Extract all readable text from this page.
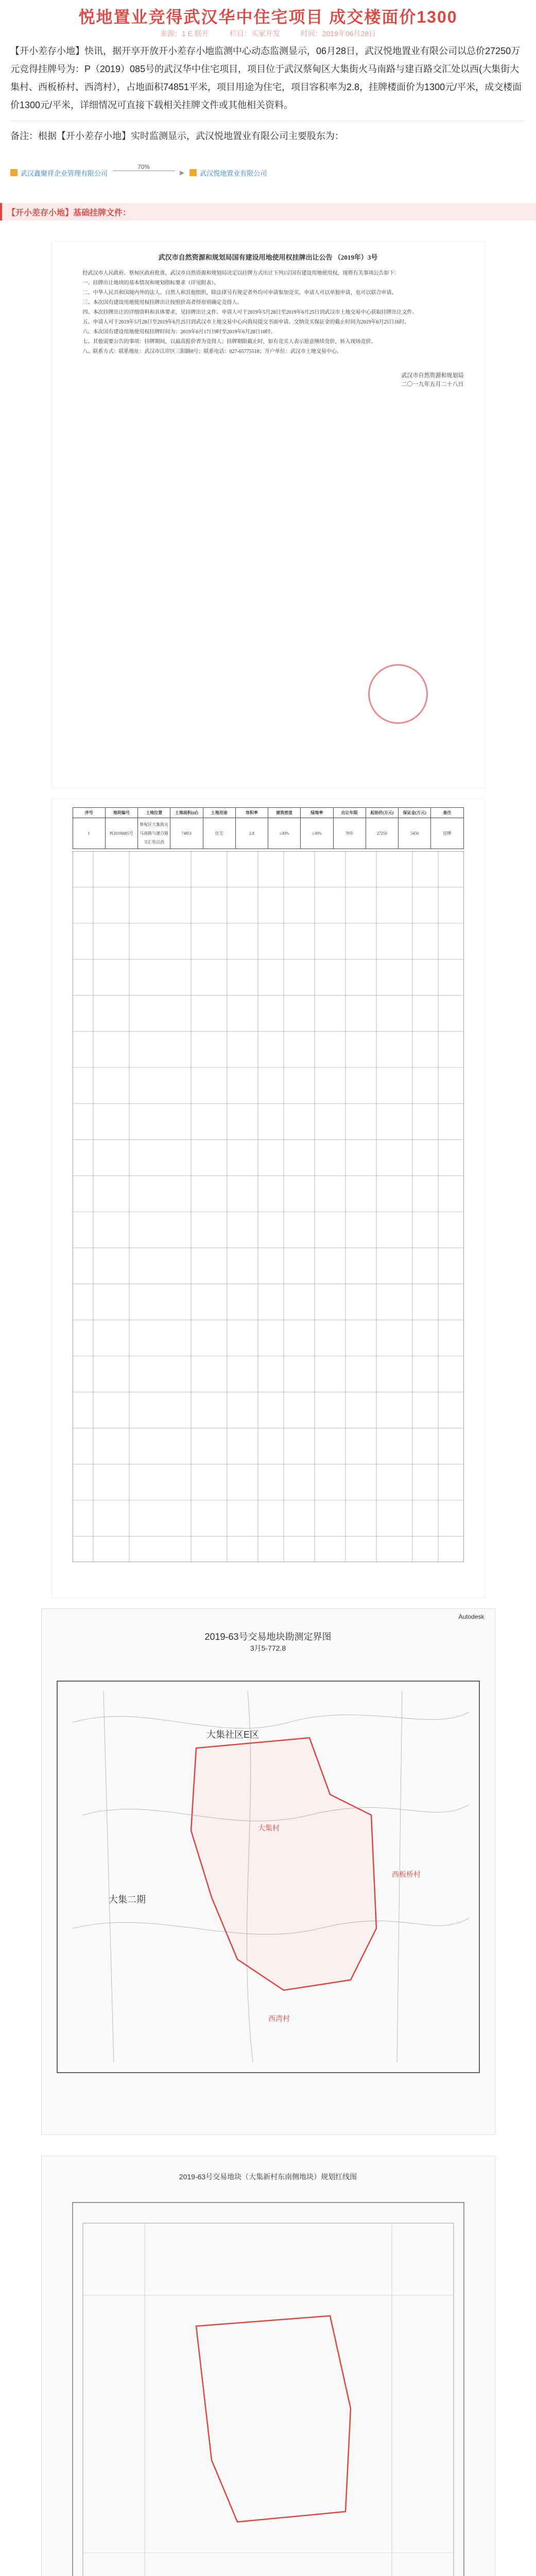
悦地置业竞得武汉华中住宅项目 成交楼面价1300
来源：1 E 联开	栏目：买家开发	时间：2019年06月28日
【开小差存小地】快讯，据开享开放开小差存小地监测中心动态监测显示，06月28日，武汉悦地置业有限公司以总价27250万元竞得挂牌号为：P（2019）085号的武汉华中住宅项目，项目位于武汉蔡甸区大集街火马南路与建百路交汇处以西(大集街大集村、西板桥村、西湾村），占地面积74851平米，项目用途为住宅，项目容积率为2.8，挂牌楼面价为1300元/平米，成交楼面价1300元/平米，详细情况可直接下载相关挂牌文件或其他相关资料。
备注：根据【开小差存小地】实时监测显示，武汉悦地置业有限公司主要股东为：
武汉鑫聚祥企业管理有限公司
70%
▶ 武汉悦地置业有限公司
【开小差存小地】基础挂牌文件：
武汉市自然资源和规划局国有建设用地使用权挂牌出让公告 （2019年）3号

经武汉市人民政府、蔡甸区政府批准，武汉市自然资源和规划局决定以挂牌方式出让下列1宗国有建设用地使用权，现将有关事项公告如下：

一、挂牌出让地块的基本情况和规划指标要求（详见附表）。

二、中华人民共和国境内外的法人、自然人和其他组织，除法律另有规定者外均可申请参加竞买，申请人可以单独申请，也可以联合申请。

三、本次国有建设用地使用权挂牌出让按照价高者得原则确定竞得人。

四、本次挂牌出让的详细资料和具体要求，见挂牌出让文件。申请人可于2019年5月28日至2019年6月25日到武汉市土地交易中心获取挂牌出让文件。

五、申请人可于2019年5月28日至2019年6月25日到武汉市土地交易中心向我局提交书面申请。交纳竞买保证金的截止时间为2019年6月25日16时。

六、本次国有建设用地使用权挂牌时间为：2019年6月17日9时至2019年6月28日10时。

七、其他需要公告的事项：挂牌期间，以最高报价者为竞得人；挂牌期限截止时，如有竞买人表示愿意继续竞价，转入现场竞价。

八、联系方式：联系地址：武汉市江岸区三阳路8号；联系电话：027-65775518；开户单位：武汉市土地交易中心。

武汉市自然资源和规划局
二〇一九年五月二十八日
序号	地块编号	土地位置	土地面积(㎡)	土地用途	容积率	建筑密度	绿地率	出让年限	起始价(万元)	保证金(万元)	备注
1	P(2019)085号	蔡甸区大集街火马南路与建百路交汇处以西	74851	住宅	2.8	≤30%	≥30%	70年	27250	5450	挂牌
Autodesk
2019-63号交易地块勘测定界图
3月5-772.8
大集社区E区
大集村
西板桥村
大集二期
西湾村
2019-63号交易地块（大集新村东南侧地块）规划红线图
